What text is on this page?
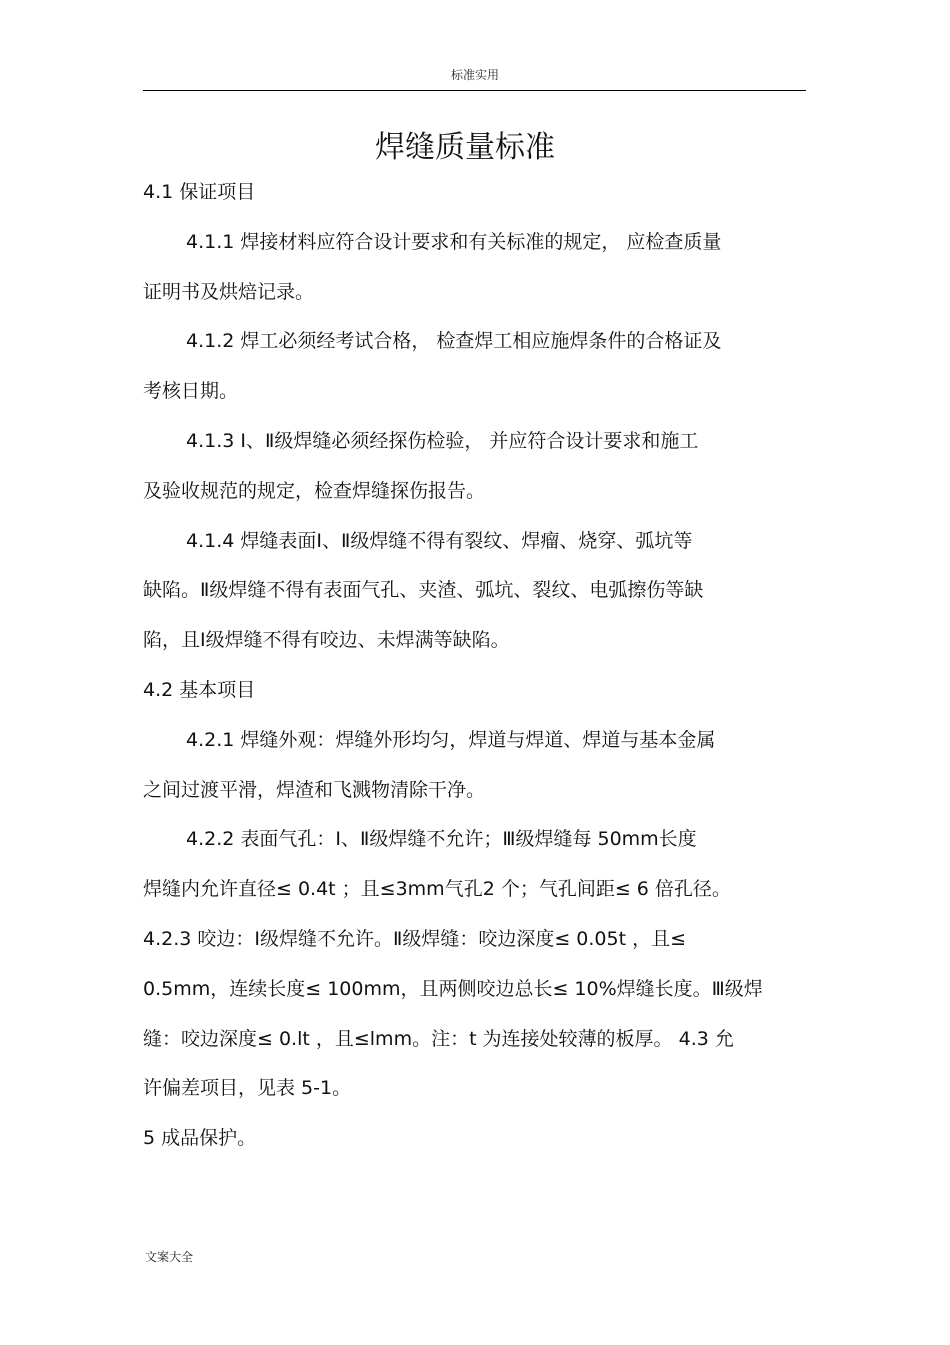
标准实用
焊缝质量标准
4.1 保证项目
4.1.1 焊接材料应符合设计要求和有关标准的规定， 应检查质量
证明书及烘焙记录。
4.1.2 焊工必须经考试合格， 检查焊工相应施焊条件的合格证及
考核日期。
4.1.3 Ⅰ、Ⅱ级焊缝必须经探伤检验， 并应符合设计要求和施工
及验收规范的规定，检查焊缝探伤报告。
4.1.4 焊缝表面Ⅰ、Ⅱ级焊缝不得有裂纹、焊瘤、烧穿、弧坑等
缺陷。Ⅱ级焊缝不得有表面气孔、夹渣、弧坑、裂纹、电弧擦伤等缺
陷，且Ⅰ级焊缝不得有咬边、未焊满等缺陷。
4.2 基本项目
4.2.1 焊缝外观：焊缝外形均匀，焊道与焊道、焊道与基本金属
之间过渡平滑，焊渣和飞溅物清除干净。
4.2.2 表面气孔：Ⅰ、Ⅱ级焊缝不允许；Ⅲ级焊缝每 50mm长度
焊缝内允许直径≤ 0.4t ；且≤3mm气孔2 个；气孔间距≤ 6 倍孔径。
4.2.3 咬边：Ⅰ级焊缝不允许。Ⅱ级焊缝：咬边深度≤ 0.05t ，且≤
0.5mm，连续长度≤ 100mm，且两侧咬边总长≤ 10%焊缝长度。Ⅲ级焊
缝：咬边深度≤ 0.lt ，且≤lmm。注：t 为连接处较薄的板厚。 4.3 允
许偏差项目，见表 5-1。
5 成品保护。
文案大全
